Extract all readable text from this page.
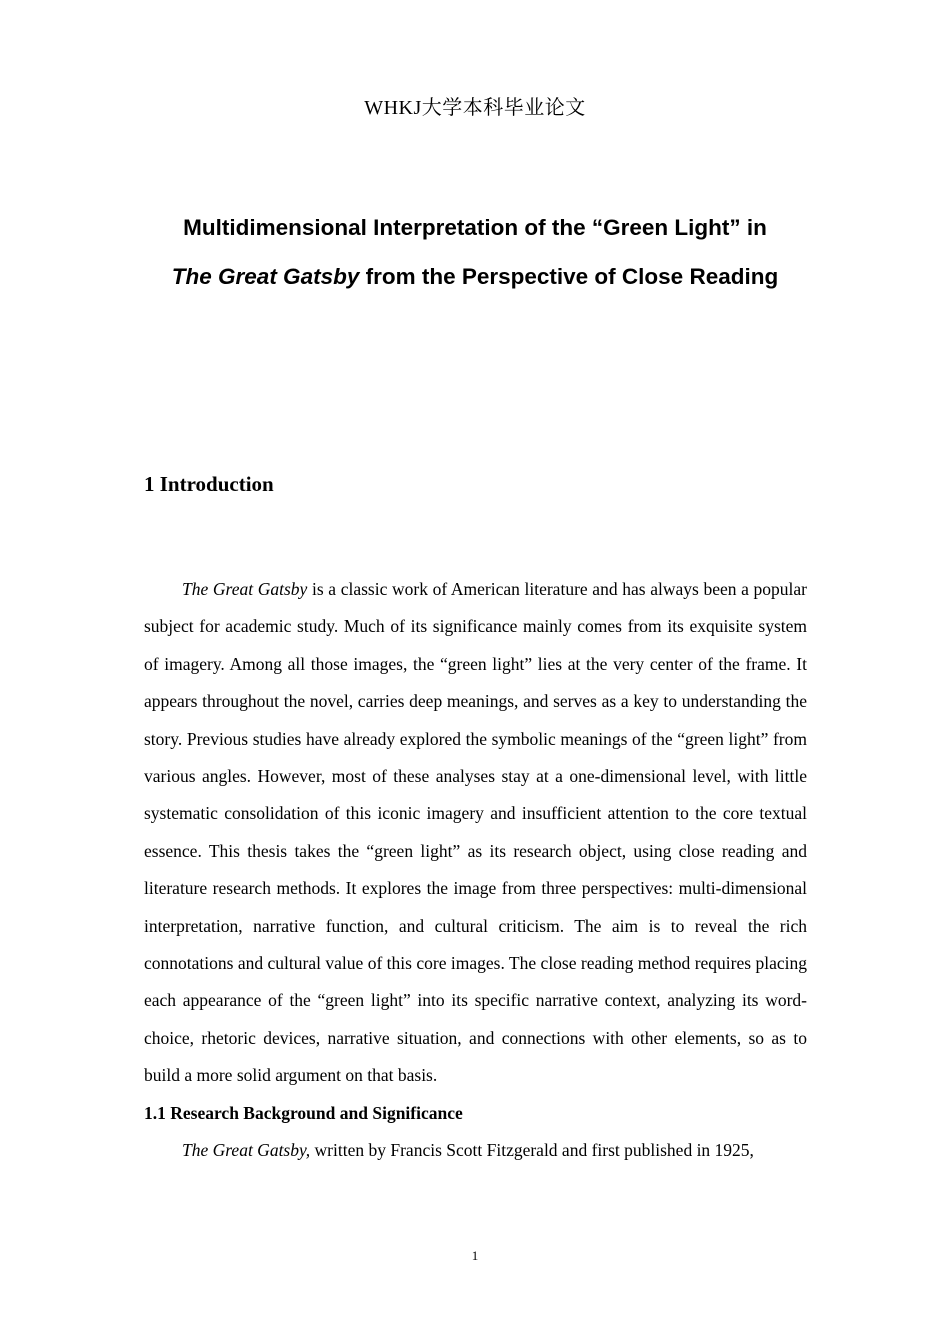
WHKJ大学本科毕业论文
Multidimensional Interpretation of the “Green Light” in
The Great Gatsby from the Perspective of Close Reading
1 Introduction

The Great Gatsby is a classic work of American literature and has always been a popular subject for academic study. Much of its significance mainly comes from its exquisite system of imagery. Among all those images, the “green light” lies at the very center of the frame. It appears throughout the novel, carries deep meanings, and serves as a key to understanding the story. Previous studies have already explored the symbolic meanings of the “green light” from various angles. However, most of these analyses stay at a one-dimensional level, with little systematic consolidation of this iconic imagery and insufficient attention to the core textual essence. This thesis takes the “green light” as its research object, using close reading and literature research methods. It explores the image from three perspectives: multi-dimensional interpretation, narrative function, and cultural criticism. The aim is to reveal the rich connotations and cultural value of this core images. The close reading method requires placing each appearance of the “green light” into its specific narrative context, analyzing its word-choice, rhetoric devices, narrative situation, and connections with other elements, so as to build a more solid argument on that basis.

1.1 Research Background and Significance

The Great Gatsby, written by Francis Scott Fitzgerald and first published in 1925,

1
